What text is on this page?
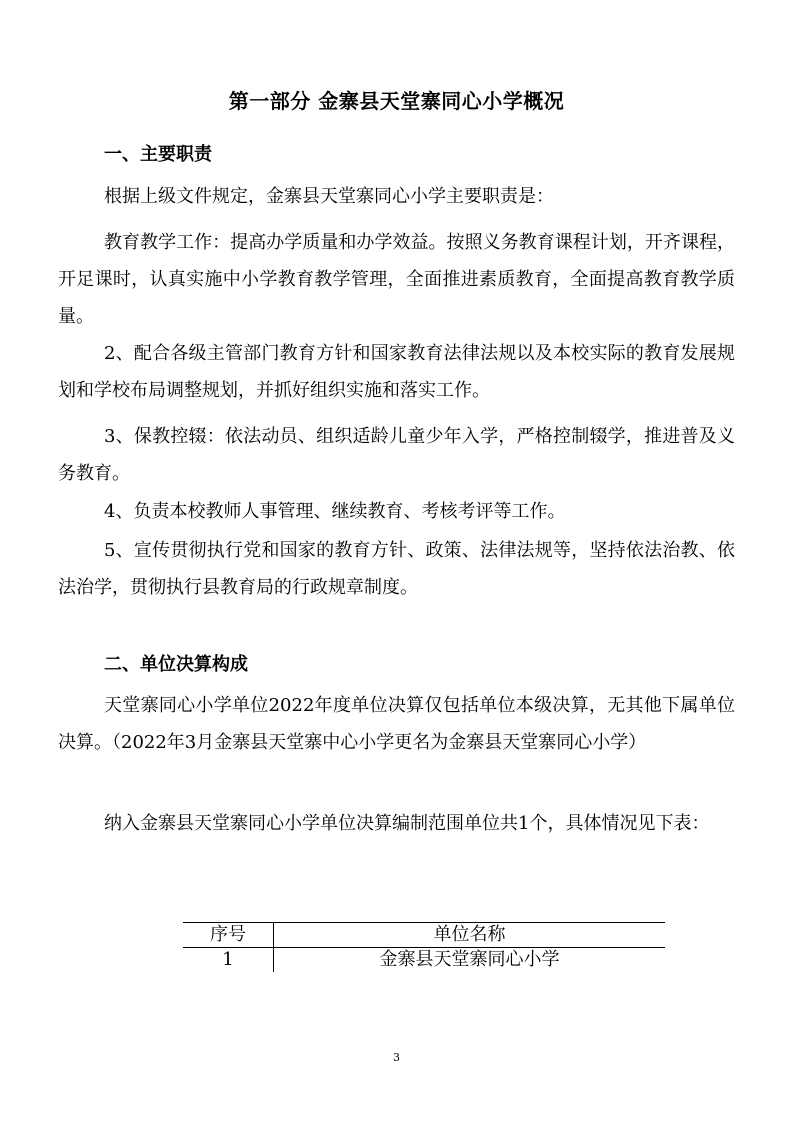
第一部分 金寨县天堂寨同心小学概况
一、主要职责

根据上级文件规定，金寨县天堂寨同心小学主要职责是：

教育教学工作：提高办学质量和办学效益。按照义务教育课程计划，开齐课程，开足课时，认真实施中小学教育教学管理，全面推进素质教育，全面提高教育教学质量。

2、配合各级主管部门教育方针和国家教育法律法规以及本校实际的教育发展规划和学校布局调整规划，并抓好组织实施和落实工作。

3、保教控辍：依法动员、组织适龄儿童少年入学，严格控制辍学，推进普及义务教育。

4、负责本校教师人事管理、继续教育、考核考评等工作。

5、宣传贯彻执行党和国家的教育方针、政策、法律法规等，坚持依法治教、依法治学，贯彻执行县教育局的行政规章制度。

二、单位决算构成

天堂寨同心小学单位2022年度单位决算仅包括单位本级决算，无其他下属单位决算。（2022年3月金寨县天堂寨中心小学更名为金寨县天堂寨同心小学）

纳入金寨县天堂寨同心小学单位决算编制范围单位共1个，具体情况见下表：

序号	单位名称
1	金寨县天堂寨同心小学
3
